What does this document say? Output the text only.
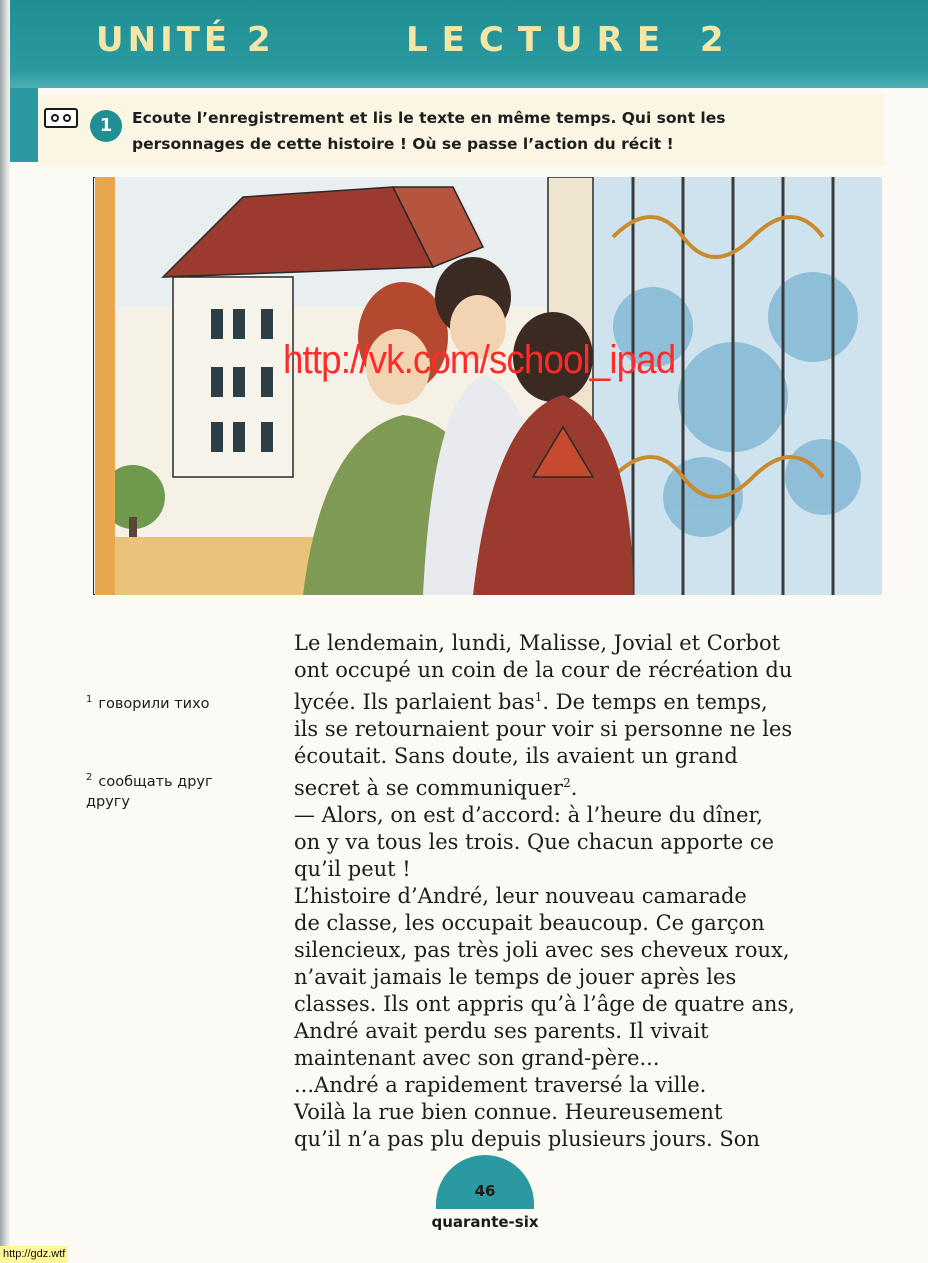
UNITÉ 2	LECTURE 2
1	Ecoute l’enregistrement et lis le texte en même temps. Qui sont les personnages de cette histoire ! Où se passe l’action du récit !

http://vk.com/school_ipad

$^1$ говорили тихо

$^2$ сообщать друг другу

Le lendemain, lundi, Malisse, Jovial et Corbot
ont occupé un coin de la cour de récréation du
lycée. Ils parlaient bas$^1$. De temps en temps,
ils se retournaient pour voir si personne ne les
écoutait. Sans doute, ils avaient un grand
secret à se communiquer$^2$.
— Alors, on est d’accord: à l’heure du dîner,
on y va tous les trois. Que chacun apporte ce
qu’il peut !
L’histoire d’André, leur nouveau camarade
de classe, les occupait beaucoup. Ce garçon
silencieux, pas très joli avec ses cheveux roux,
n’avait jamais le temps de jouer après les
classes. Ils ont appris qu’à l’âge de quatre ans,
André avait perdu ses parents. Il vivait
maintenant avec son grand-père...
...André a rapidement traversé la ville.
Voilà la rue bien connue. Heureusement
qu’il n’a pas plu depuis plusieurs jours. Son

46

quarante-six

http://gdz.wtf
